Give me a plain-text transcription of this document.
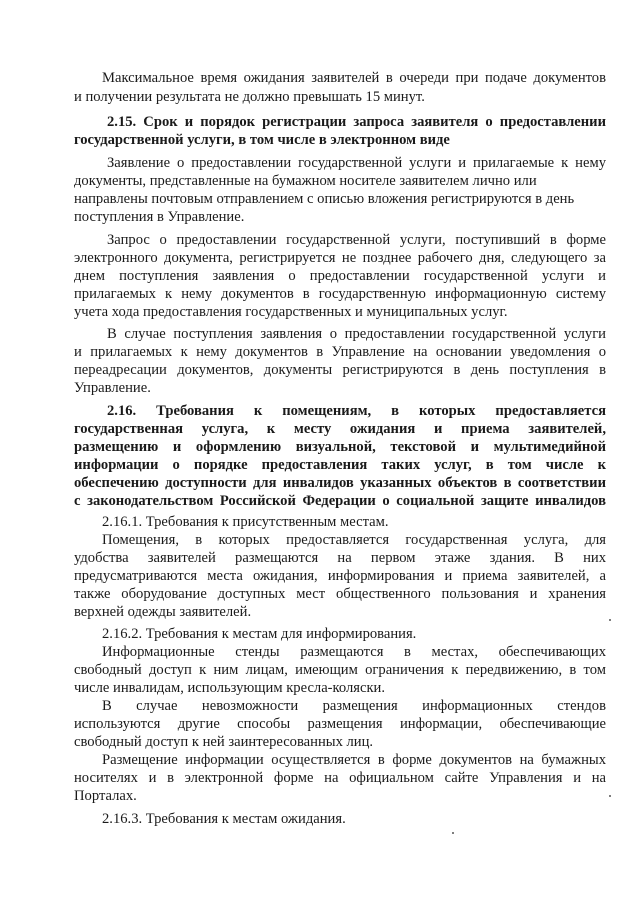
Максимальное время ожидания заявителей в очереди при подаче документов
и получении результата не должно превышать 15 минут.
2.15. Срок и порядок регистрации запроса заявителя о предоставлении
государственной услуги, в том числе в электронном виде
Заявление о предоставлении государственной услуги и прилагаемые к нему
документы, представленные на бумажном носителе заявителем лично или
направлены почтовым отправлением с описью вложения регистрируются в день
поступления в Управление.
Запрос о предоставлении государственной услуги, поступивший в форме
электронного документа, регистрируется не позднее рабочего дня, следующего за
днем поступления заявления о предоставлении государственной услуги и
прилагаемых к нему документов в государственную информационную систему
учета хода предоставления государственных и муниципальных услуг.
В случае поступления заявления о предоставлении государственной услуги
и прилагаемых к нему документов в Управление на основании уведомления о
переадресации документов, документы регистрируются в день поступления в
Управление.
2.16. Требования к помещениям, в которых предоставляется
государственная услуга, к месту ожидания и приема заявителей,
размещению и оформлению визуальной, текстовой и мультимедийной
информации о порядке предоставления таких услуг, в том числе к
обеспечению доступности для инвалидов указанных объектов в соответствии
с законодательством Российской Федерации о социальной защите инвалидов
2.16.1. Требования к присутственным местам.
Помещения, в которых предоставляется государственная услуга, для
удобства заявителей размещаются на первом этаже здания. В них
предусматриваются места ожидания, информирования и приема заявителей, а
также оборудование доступных мест общественного пользования и хранения
верхней одежды заявителей.
2.16.2. Требования к местам для информирования.
Информационные стенды размещаются в местах, обеспечивающих
свободный доступ к ним лицам, имеющим ограничения к передвижению, в том
числе инвалидам, использующим кресла-коляски.
В случае невозможности размещения информационных стендов
используются другие способы размещения информации, обеспечивающие
свободный доступ к ней заинтересованных лиц.
Размещение информации осуществляется в форме документов на бумажных
носителях и в электронной форме на официальном сайте Управления и на
Порталах.
2.16.3. Требования к местам ожидания.
